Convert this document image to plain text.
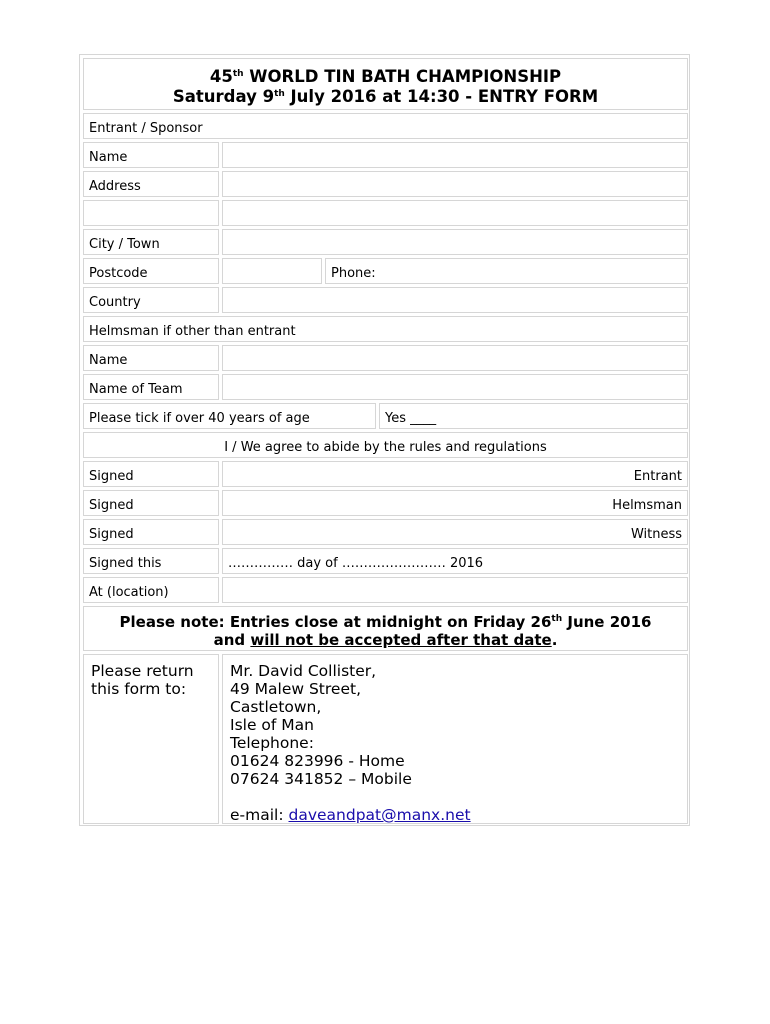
45th WORLD TIN BATH CHAMPIONSHIP
Saturday 9th July 2016 at 14:30 - ENTRY FORM
Entrant / Sponsor
Name
Address
City / Town
Postcode	Phone:
Country
Helmsman if other than entrant
Name
Name of Team
Please tick if over 40 years of age	Yes ____
I / We agree to abide by the rules and regulations
Signed	Entrant
Signed	Helmsman
Signed	Witness
Signed this	…………… day of …………………… 2016
At (location)
Please note: Entries close at midnight on Friday 26th June 2016
and will not be accepted after that date.
Please return this form to:
Mr. David Collister,
49 Malew Street,
Castletown,
Isle of Man
Telephone:
01624 823996 - Home
07624 341852 – Mobile
e-mail: daveandpat@manx.net
